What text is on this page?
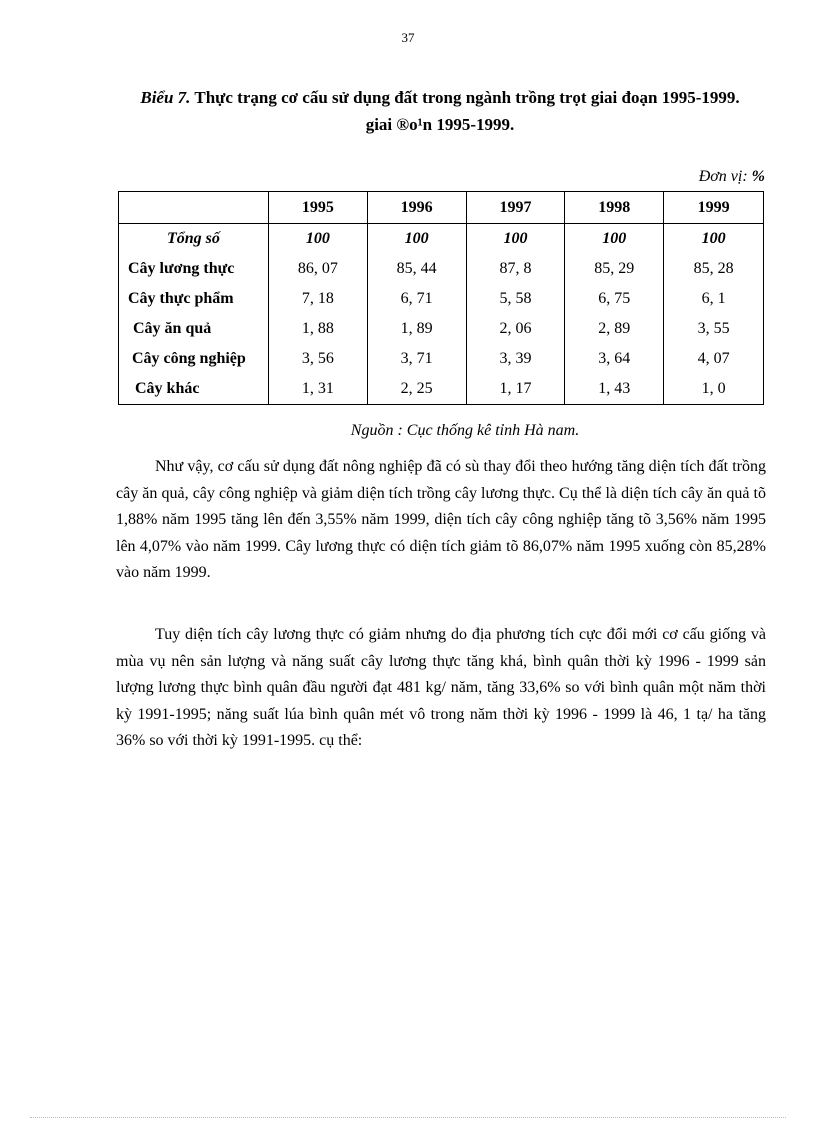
37
Biểu 7. Thực trạng cơ cấu sử dụng đất trong ngành trồng trọt giai đoạn 1995-1999.
giai ®o¹n 1995-1999.
Đơn vị: %
	1995	1996	1997	1998	1999
Tổng số	100	100	100	100	100
Cây lương thực	86, 07	85, 44	87, 8	85, 29	85, 28
Cây thực phẩm	7, 18	6, 71	5, 58	6, 75	6, 1
Cây ăn quả	1, 88	1, 89	2, 06	2, 89	3, 55
Cây công nghiệp	3, 56	3, 71	3, 39	3, 64	4, 07
Cây khác	1, 31	2, 25	1, 17	1, 43	1, 0
Nguồn : Cục thống kê tỉnh Hà nam.

Như vậy, cơ cấu sử dụng đất nông nghiệp đã có sù thay đổi theo hướng tăng diện tích đất trồng cây ăn quả, cây công nghiệp và giảm diện tích trồng cây lương thực. Cụ thể là diện tích cây ăn quả tõ 1,88% năm 1995 tăng lên đến 3,55% năm 1999, diện tích cây công nghiệp tăng tõ 3,56% năm 1995 lên 4,07% vào năm 1999. Cây lương thực có diện tích giảm tõ 86,07% năm 1995 xuống còn 85,28% vào năm 1999.

Tuy diện tích cây lương thực có giảm nhưng do địa phương tích cực đổi mới cơ cấu giống và mùa vụ nên sản lượng và năng suất cây lương thực tăng khá, bình quân thời kỳ 1996 - 1999 sản lượng lương thực bình quân đầu người đạt 481 kg/ năm, tăng 33,6% so với bình quân một năm thời kỳ 1991-1995; năng suất lúa bình quân mét vô trong năm thời kỳ 1996 - 1999 là 46, 1 tạ/ ha tăng 36% so với thời kỳ 1991-1995. cụ thể:
